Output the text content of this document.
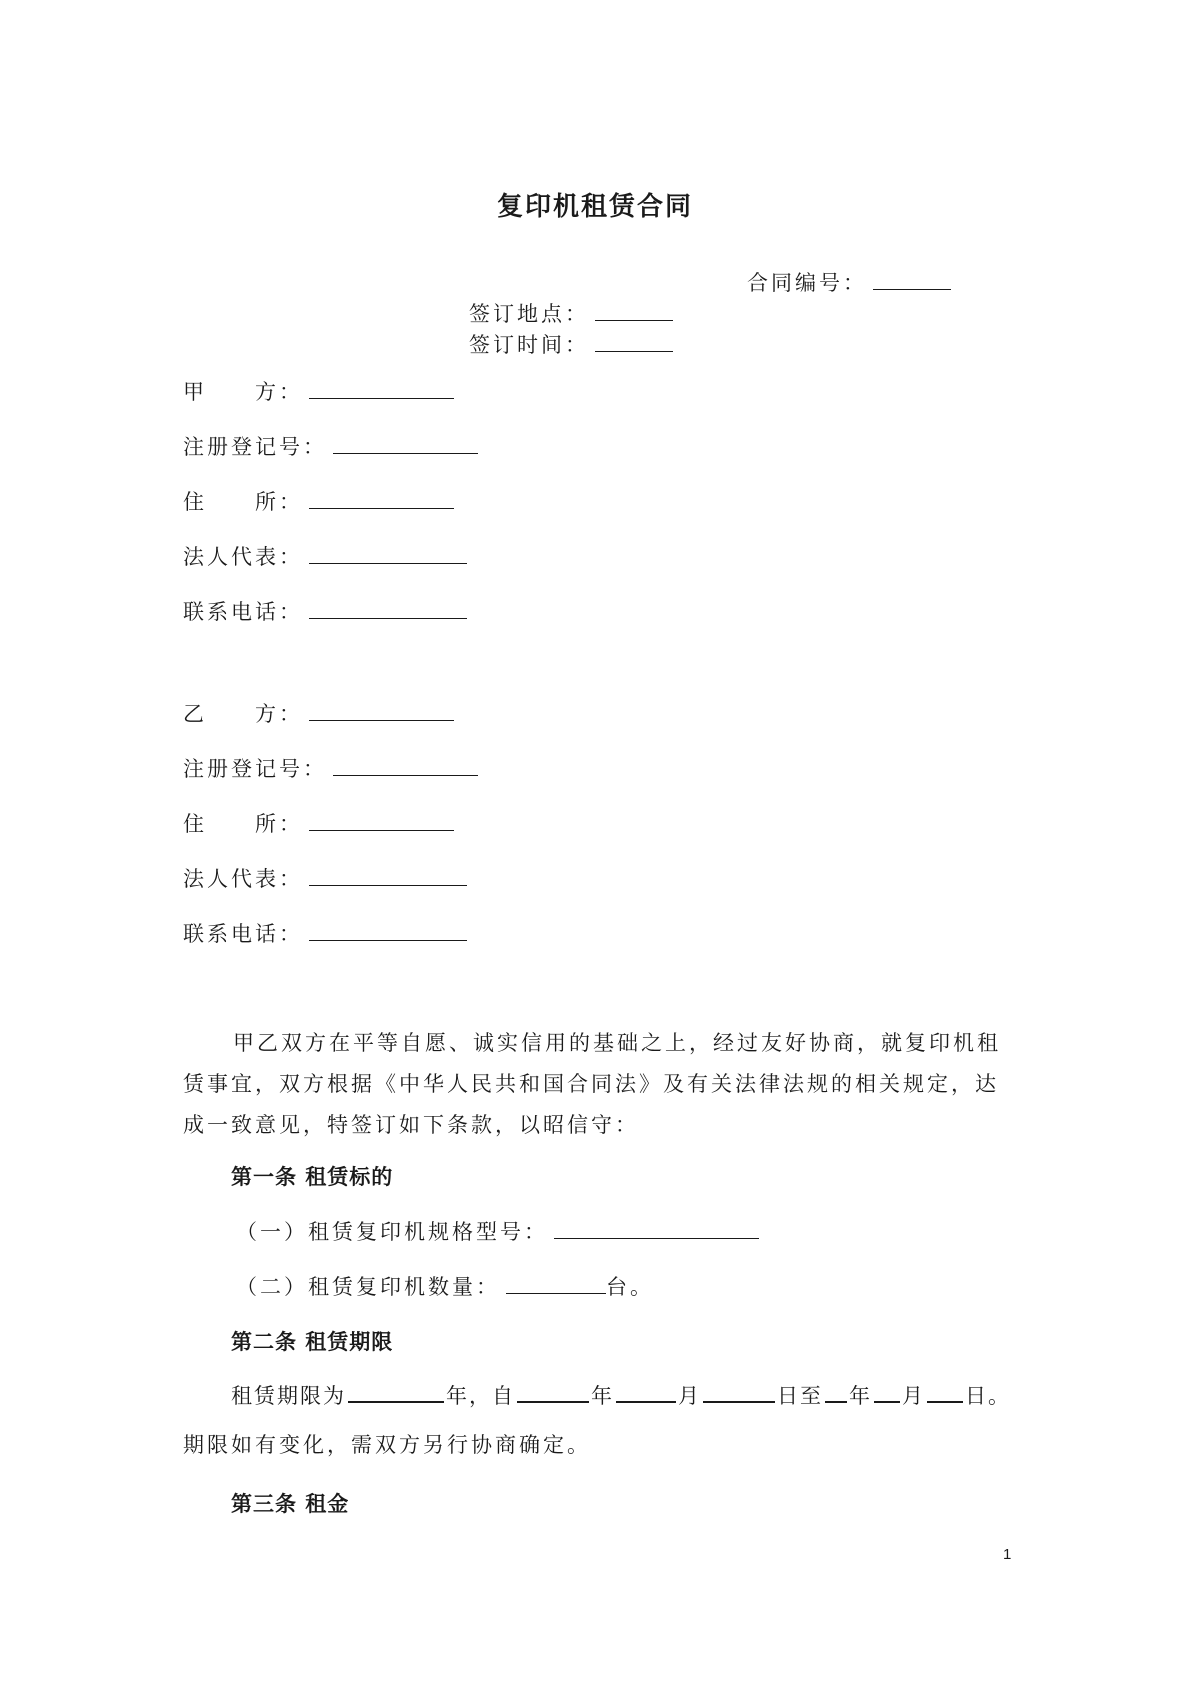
复印机租赁合同
合同编号：
签订地点：
签订时间：
甲　　方：
注册登记号：
住　　所：
法人代表：
联系电话：
乙　　方：
注册登记号：
住　　所：
法人代表：
联系电话：
甲乙双方在平等自愿、诚实信用的基础之上，经过友好协商，就复印机租赁事宜，双方根据《中华人民共和国合同法》及有关法律法规的相关规定，达成一致意见，特签订如下条款，以昭信守：
第一条 租赁标的
（一）租赁复印机规格型号：
（二）租赁复印机数量：	台。
第二条 租赁期限
租赁期限为	年，自	年	月	日至 年 月 日。
期限如有变化，需双方另行协商确定。
第三条 租金
1
